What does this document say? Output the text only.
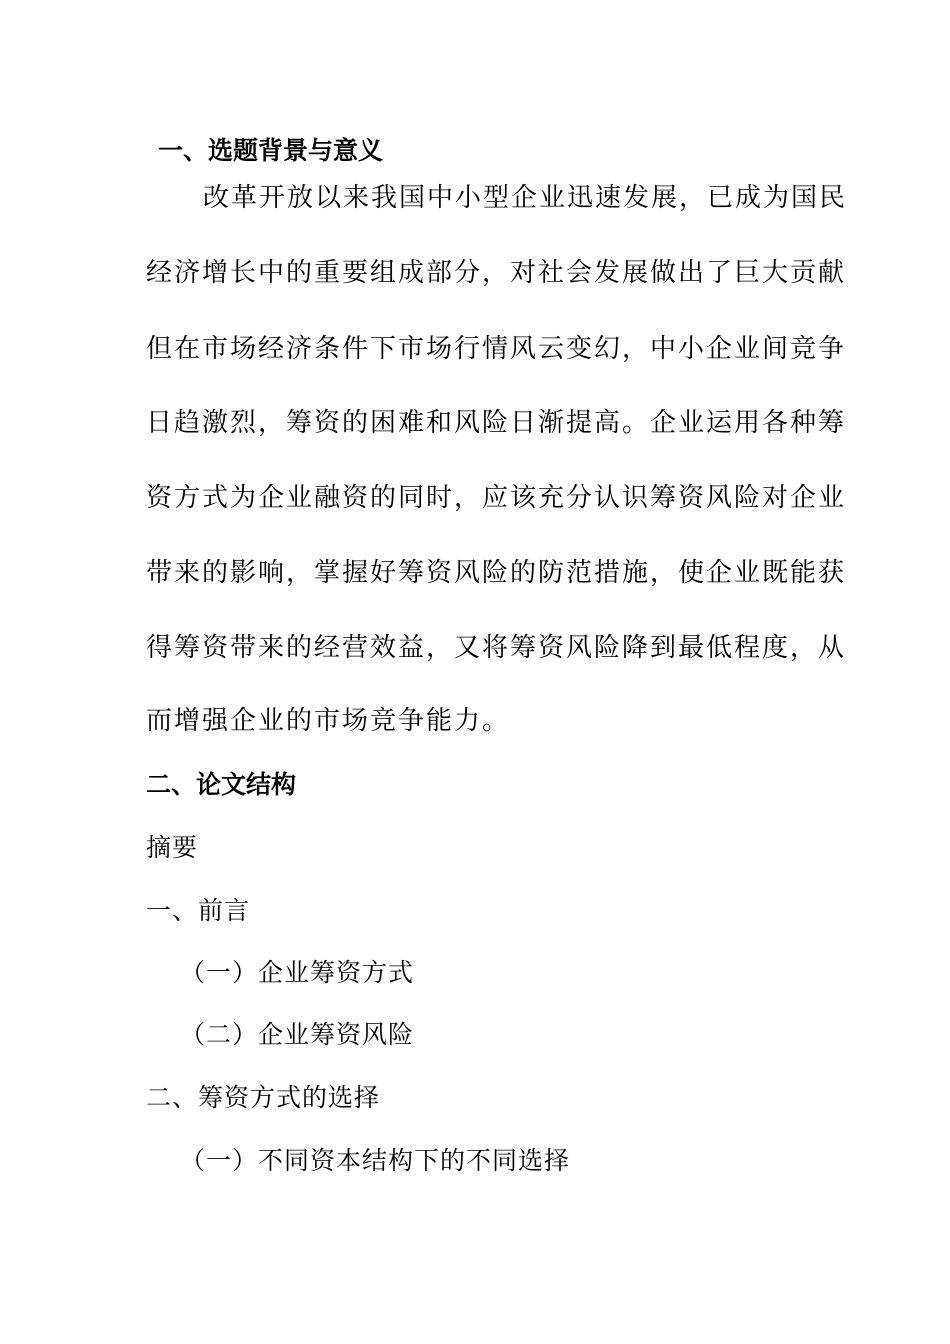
一、选题背景与意义
改革开放以来我国中小型企业迅速发展，已成为国民
经济增长中的重要组成部分，对社会发展做出了巨大贡献
但在市场经济条件下市场行情风云变幻，中小企业间竞争
日趋激烈，筹资的困难和风险日渐提高。企业运用各种筹
资方式为企业融资的同时，应该充分认识筹资风险对企业
带来的影响，掌握好筹资风险的防范措施，使企业既能获
得筹资带来的经营效益，又将筹资风险降到最低程度，从
而增强企业的市场竞争能力。
二、论文结构
摘要
一、前言
（一）企业筹资方式
（二）企业筹资风险
二、筹资方式的选择
（一）不同资本结构下的不同选择
